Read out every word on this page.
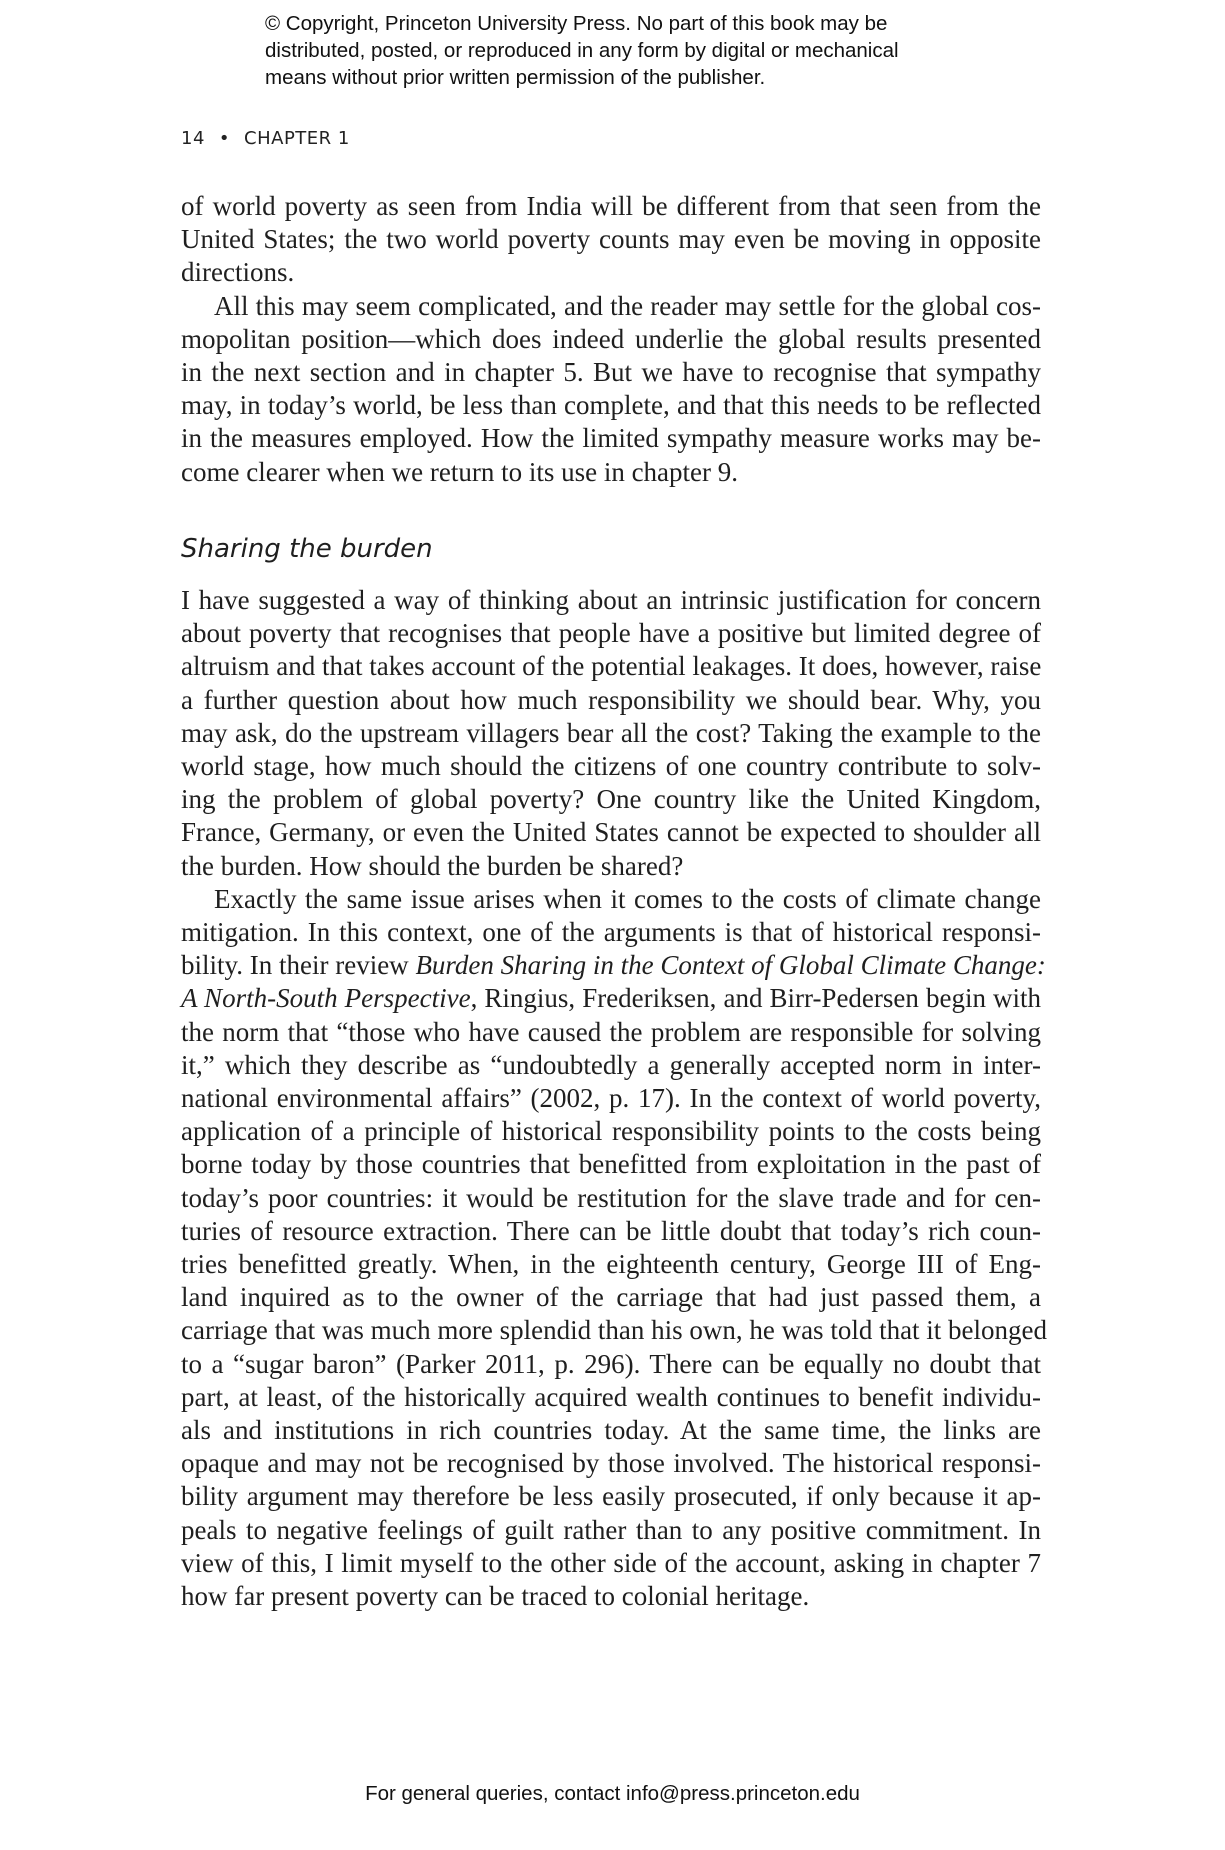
© Copyright, Princeton University Press. No part of this book may be
distributed, posted, or reproduced in any form by digital or mechanical
means without prior written permission of the publisher.
14 • CHAPTER 1
of world poverty as seen from India will be different from that seen from the
United States; the two world poverty counts may even be moving in opposite
directions.
All this may seem complicated, and the reader may settle for the global cos-
mopolitan position—which does indeed underlie the global results presented
in the next section and in chapter 5. But we have to recognise that sympathy
may, in today’s world, be less than complete, and that this needs to be reflected
in the measures employed. How the limited sympathy measure works may be-
come clearer when we return to its use in chapter 9.
Sharing the burden
I have suggested a way of thinking about an intrinsic justification for concern
about poverty that recognises that people have a positive but limited degree of
altruism and that takes account of the potential leakages. It does, however, raise
a further question about how much responsibility we should bear. Why, you
may ask, do the upstream villagers bear all the cost? Taking the example to the
world stage, how much should the citizens of one country contribute to solv-
ing the problem of global poverty? One country like the United Kingdom,
France, Germany, or even the United States cannot be expected to shoulder all
the burden. How should the burden be shared?
Exactly the same issue arises when it comes to the costs of climate change
mitigation. In this context, one of the arguments is that of historical responsi-
bility. In their review Burden Sharing in the Context of Global Climate Change:
A North-South Perspective, Ringius, Frederiksen, and Birr-Pedersen begin with
the norm that “those who have caused the problem are responsible for solving
it,” which they describe as “undoubtedly a generally accepted norm in inter-
national environmental affairs” (2002, p. 17). In the context of world poverty,
application of a principle of historical responsibility points to the costs being
borne today by those countries that benefitted from exploitation in the past of
today’s poor countries: it would be restitution for the slave trade and for cen-
turies of resource extraction. There can be little doubt that today’s rich coun-
tries benefitted greatly. When, in the eighteenth century, George III of Eng-
land inquired as to the owner of the carriage that had just passed them, a
carriage that was much more splendid than his own, he was told that it belonged
to a “sugar baron” (Parker 2011, p. 296). There can be equally no doubt that
part, at least, of the historically acquired wealth continues to benefit individu-
als and institutions in rich countries today. At the same time, the links are
opaque and may not be recognised by those involved. The historical responsi-
bility argument may therefore be less easily prosecuted, if only because it ap-
peals to negative feelings of guilt rather than to any positive commitment. In
view of this, I limit myself to the other side of the account, asking in chapter 7
how far present poverty can be traced to colonial heritage.
For general queries, contact info@press.princeton.edu
